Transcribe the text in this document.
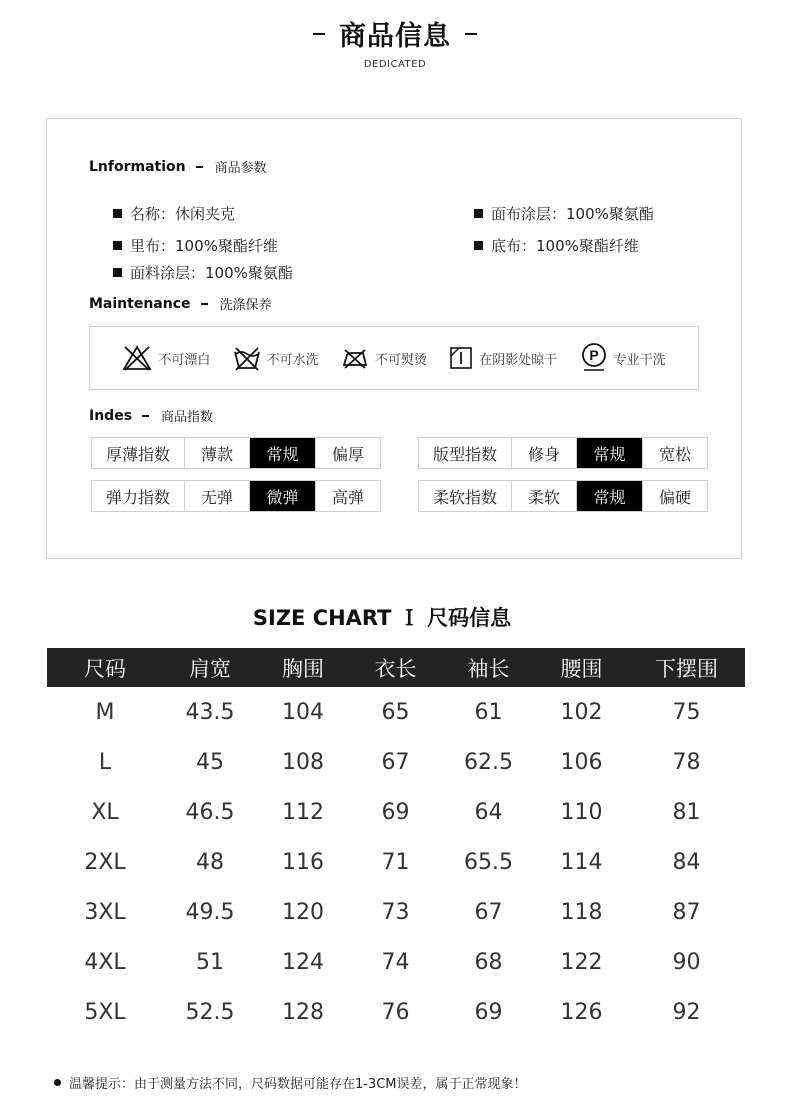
商品信息
DEDICATED
Lnformation 商品参数
名称：休闲夹克	面布涂层：100%聚氨酯
里布：100%聚酯纤维	底布：100%聚酯纤维
面料涂层：100%聚氨酯
Maintenance 洗涤保养
不可漂白	不可水洗	不可熨烫	在阴影处晾干 P 专业干洗
Indes 商品指数
厚薄指数	薄款	常规	偏厚	版型指数	修身	常规	宽松
弹力指数	无弹	微弹	高弹	柔软指数	柔软	常规	偏硬
SIZE CHART Ｉ 尺码信息
尺码	肩宽	胸围	衣长	袖长	腰围	下摆围
M	43.5	104	65	61	102	75
L	45	108	67	62.5	106	78
XL	46.5	112	69	64	110	81
2XL	48	116	71	65.5	114	84
3XL	49.5	120	73	67	118	87
4XL	51	124	74	68	122	90
5XL	52.5	128	76	69	126	92
温馨提示：由于测量方法不同，尺码数据可能存在1-3CM误差，属于正常现象！
